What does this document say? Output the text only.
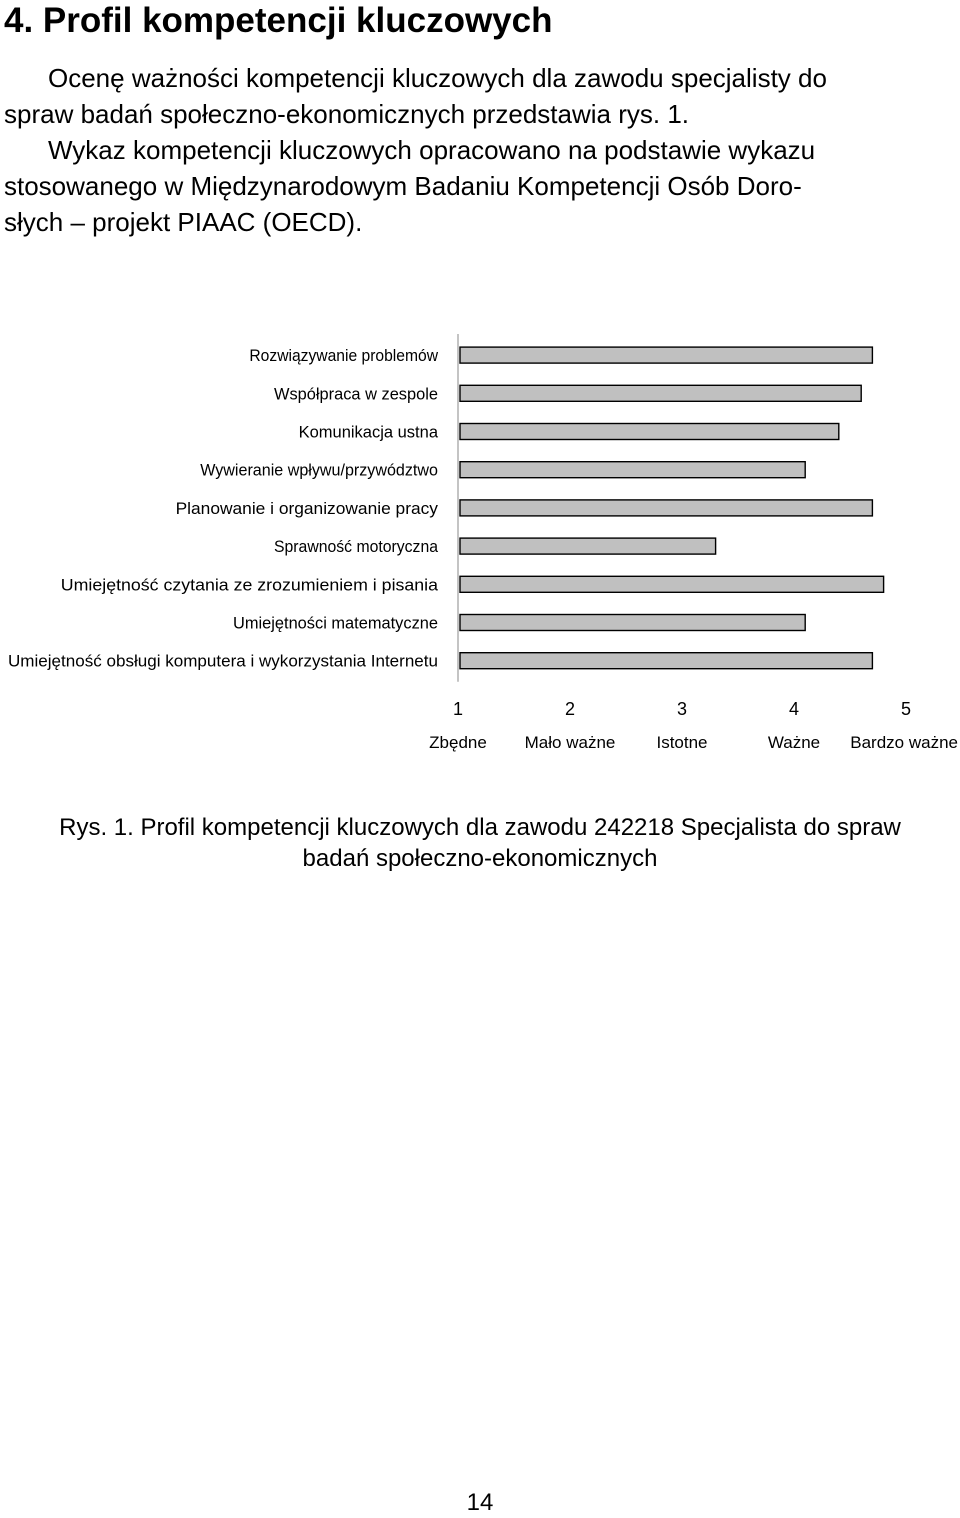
4. Profil kompetencji kluczowych
Ocenę ważności kompetencji kluczowych dla zawodu specjalisty do
spraw badań społeczno-ekonomicznych przedstawia rys. 1.
Wykaz kompetencji kluczowych opracowano na podstawie wykazu
stosowanego w Międzynarodowym Badaniu Kompetencji Osób Doro-
słych – projekt PIAAC (OECD).
Rozwiązywanie problemów
Współpraca w zespole
Komunikacja ustna
Wywieranie wpływu/przywództwo
Planowanie i organizowanie pracy
Sprawność motoryczna
Umiejętność czytania ze zrozumieniem i pisania
Umiejętności matematyczne
Umiejętność obsługi komputera i wykorzystania Internetu
1
Zbędne
2
Mało ważne
3
Istotne
4
Ważne
5
Bardzo ważne
Rys. 1. Profil kompetencji kluczowych dla zawodu 242218 Specjalista do spraw
badań społeczno-ekonomicznych
14
